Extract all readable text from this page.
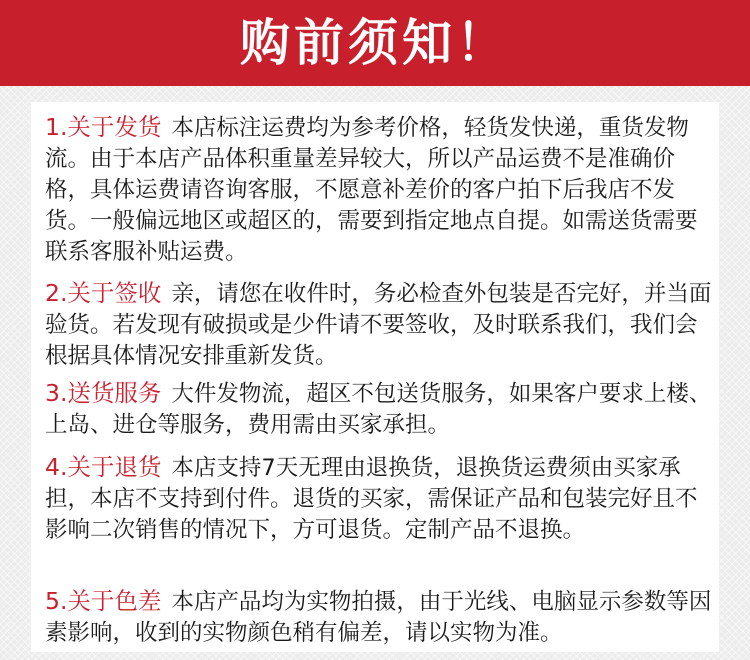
购前须知！

1.关于发货 本店标注运费均为参考价格，轻货发快递，重货发物流。由于本店产品体积重量差异较大，所以产品运费不是准确价格，具体运费请咨询客服，不愿意补差价的客户拍下后我店不发货。一般偏远地区或超区的，需要到指定地点自提。如需送货需要联系客服补贴运费。

2.关于签收 亲，请您在收件时，务必检查外包装是否完好，并当面验货。若发现有破损或是少件请不要签收，及时联系我们，我们会根据具体情况安排重新发货。

3.送货服务 大件发物流，超区不包送货服务，如果客户要求上楼、上岛、进仓等服务，费用需由买家承担。

4.关于退货 本店支持7天无理由退换货，退换货运费须由买家承担，本店不支持到付件。退货的买家，需保证产品和包装完好且不影响二次销售的情况下，方可退货。定制产品不退换。

5.关于色差 本店产品均为实物拍摄，由于光线、电脑显示参数等因素影响，收到的实物颜色稍有偏差，请以实物为准。
